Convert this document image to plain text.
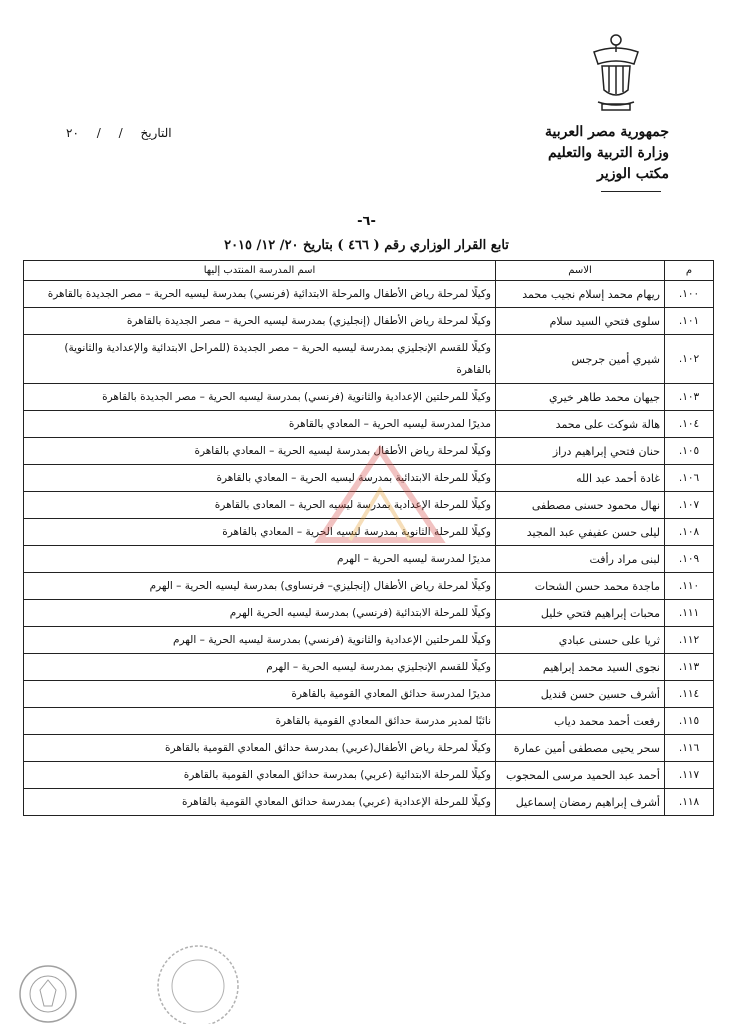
جمهورية مصر العربية
وزارة التربية والتعليم
مكتب الوزير
التاريخ / / ٢٠
-٦-
تابع القرار الوزاري رقم ( ٤٦٦ ) بتاريخ ٢٠/ ١٢/ ٢٠١٥
م	الاسم	اسم المدرسة المنتدب إليها
١٠٠.	ريهام محمد إسلام نجيب محمد	وكيلًا لمرحلة رياض الأطفال والمرحلة الابتدائية (فرنسي) بمدرسة ليسيه الحرية – مصر الجديدة بالقاهرة
١٠١.	سلوى فتحي السيد سلام	وكيلًا لمرحلة رياض الأطفال (إنجليزي) بمدرسة ليسيه الحرية – مصر الجديدة بالقاهرة
١٠٢.	شيري أمين جرجس	وكيلًا للقسم الإنجليزي بمدرسة ليسيه الحرية – مصر الجديدة (للمراحل الابتدائية والإعدادية والثانوية) بالقاهرة
١٠٣.	جيهان محمد طاهر خيري	وكيلًا للمرحلتين الإعدادية والثانوية (فرنسي) بمدرسة ليسيه الحرية – مصر الجديدة بالقاهرة
١٠٤.	هالة شوكت على محمد	مديرًا لمدرسة ليسيه الحرية – المعادي بالقاهرة
١٠٥.	حنان فتحي إبراهيم دراز	وكيلًا لمرحلة رياض الأطفال بمدرسة ليسيه الحرية – المعادي بالقاهرة
١٠٦.	غادة أحمد عبد الله	وكيلًا للمرحلة الابتدائية بمدرسة ليسيه الحرية – المعادي بالقاهرة
١٠٧.	نهال محمود حسنى مصطفى	وكيلًا للمرحلة الإعدادية بمدرسة ليسيه الحرية – المعادى بالقاهرة
١٠٨.	ليلى حسن عفيفي عبد المجيد	وكيلًا للمرحلة الثانوية بمدرسة ليسيه الحرية – المعادي بالقاهرة
١٠٩.	لبنى مراد رأفت	مديرًا لمدرسة ليسيه الحرية – الهرم
١١٠.	ماجدة محمد حسن الشحات	وكيلًا لمرحلة رياض الأطفال (إنجليزي– فرنساوى) بمدرسة ليسيه الحرية – الهرم
١١١.	محبات إبراهيم فتحي خليل	وكيلًا للمرحلة الابتدائية (فرنسي) بمدرسة ليسيه الحرية الهرم
١١٢.	ثريا على حسنى عبادي	وكيلًا للمرحلتين الإعدادية والثانوية (فرنسي) بمدرسة ليسيه الحرية – الهرم
١١٣.	نجوى السيد محمد إبراهيم	وكيلًا للقسم الإنجليزي بمدرسة ليسيه الحرية – الهرم
١١٤.	أشرف حسين حسن قنديل	مديرًا لمدرسة حدائق المعادي القومية بالقاهرة
١١٥.	رفعت أحمد محمد دياب	نائبًا لمدير مدرسة حدائق المعادي القومية بالقاهرة
١١٦.	سحر يحيى مصطفى أمين عمارة	وكيلًا لمرحلة رياض الأطفال(عربي) بمدرسة حدائق المعادي القومية بالقاهرة
١١٧.	أحمد عبد الحميد مرسى المحجوب	وكيلًا للمرحلة الابتدائية (عربي) بمدرسة حدائق المعادي القومية بالقاهرة
١١٨.	أشرف إبراهيم رمضان إسماعيل	وكيلًا للمرحلة الإعدادية (عربي) بمدرسة حدائق المعادي القومية بالقاهرة
